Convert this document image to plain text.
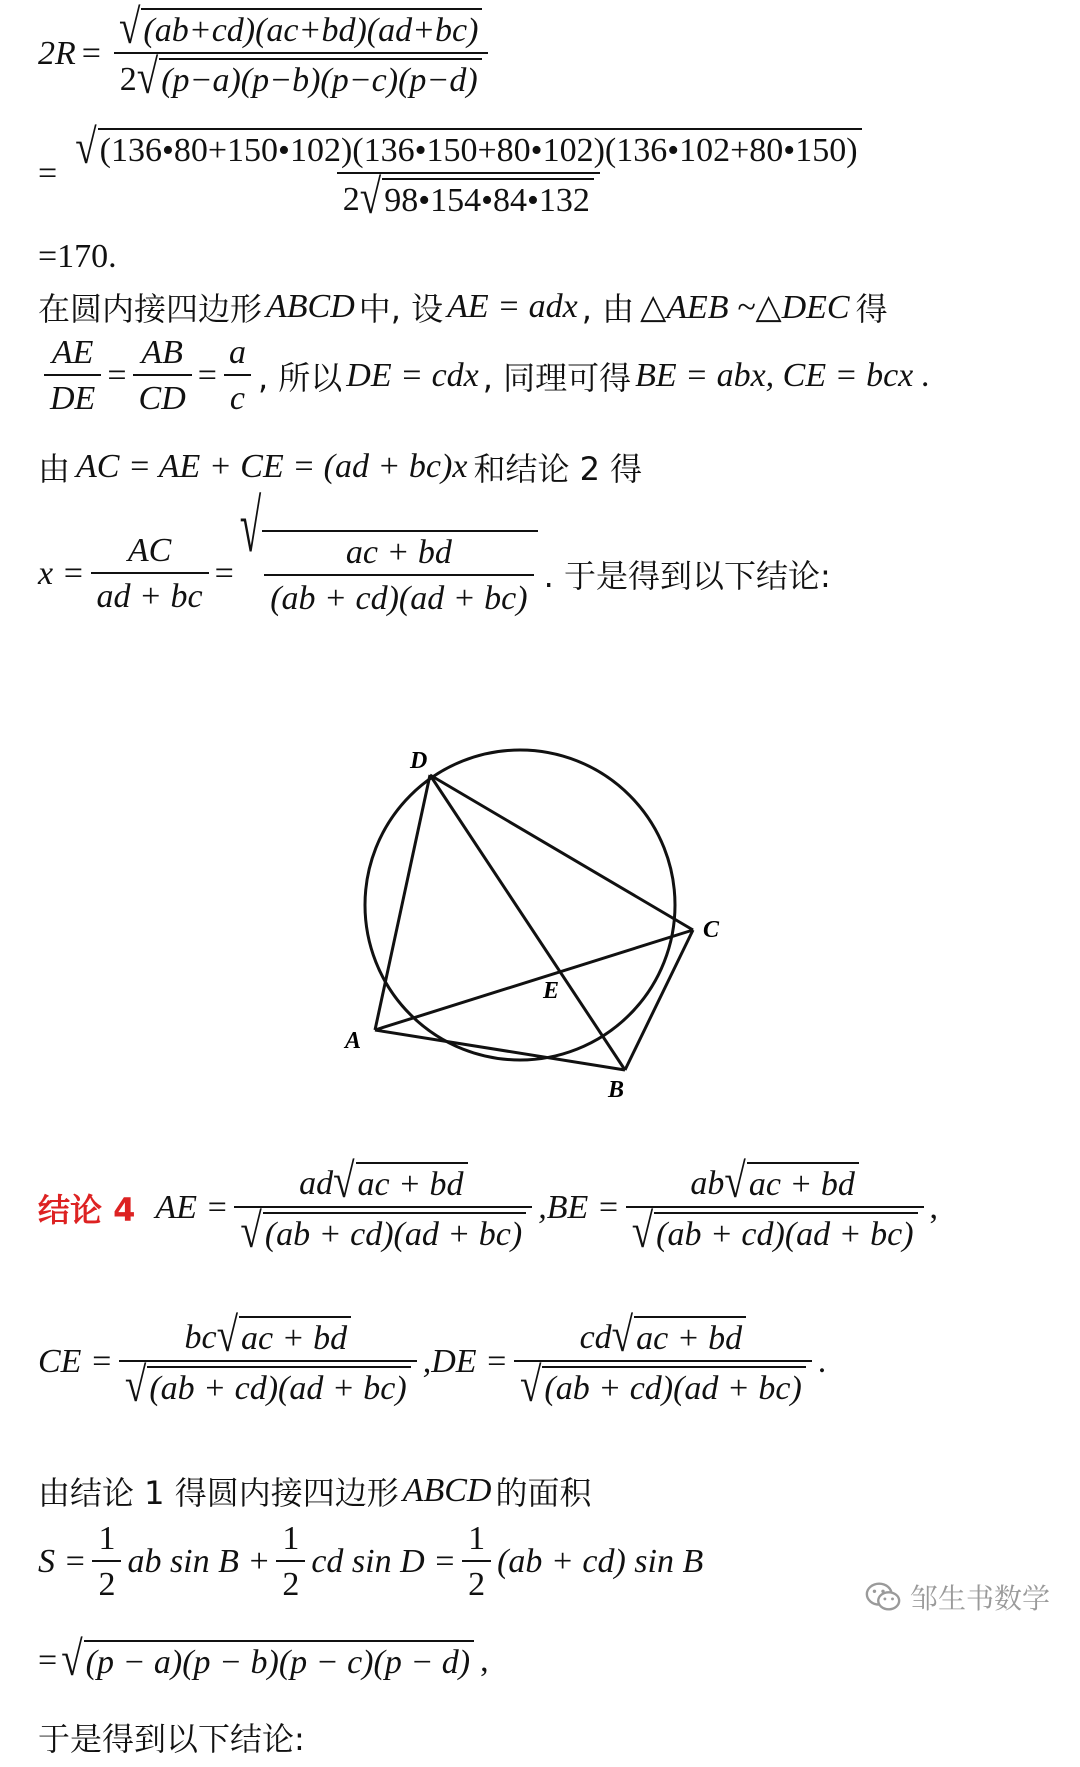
$2R = \frac{√ (ab+cd)(ac+bd)(ad+bc)}{2 √ (p-a)(p-b)(p-c)(p-d)}$
= $\frac{√ (136•80+150•102)(136•150+80•102)(136•102+80•150)}{2 √ 98•154•84•132}$
=170.
在圆内接四边形 ABCD 中, 设 AE = adx , 由 △AEB ~△DEC 得
$\frac{AE}{DE} = \frac{AB}{CD} = \frac{a}{c}$ , 所以 DE = cdx , 同理可得 BE = abx, CE = bcx .
由 AC = AE + CE = (ad + bc)x 和结论 2 得
$x = \frac{AC}{ad + bc}$ =
√
$\frac{ac + bd}{(ab + cd)(ad + bc)}$ . 于是得到以下结论:
D
C
E
A
B
结论 4 AE = $\frac{ad √ ac + bd}{√ (ab + cd)(ad + bc)} ,BE = \frac{ab √ ac + bd}{√ (ab + cd)(ad + bc)}$ ,
CE = $\frac{bc √ ac + bd}{√ (ab + cd)(ad + bc)} ,DE = \frac{cd √ ac + bd}{√ (ab + cd)(ad + bc)}$ .
由结论 1 得圆内接四边形 ABCD 的面积
$S = \frac{1}{2}$ ab $\sin B + \frac{1}{2}$ cd $\sin D = \frac{1}{2} (ab + cd)$ sin B
= √ (p − a)(p − b)(p − c)(p − d) ,
于是得到以下结论:
邹生书数学
